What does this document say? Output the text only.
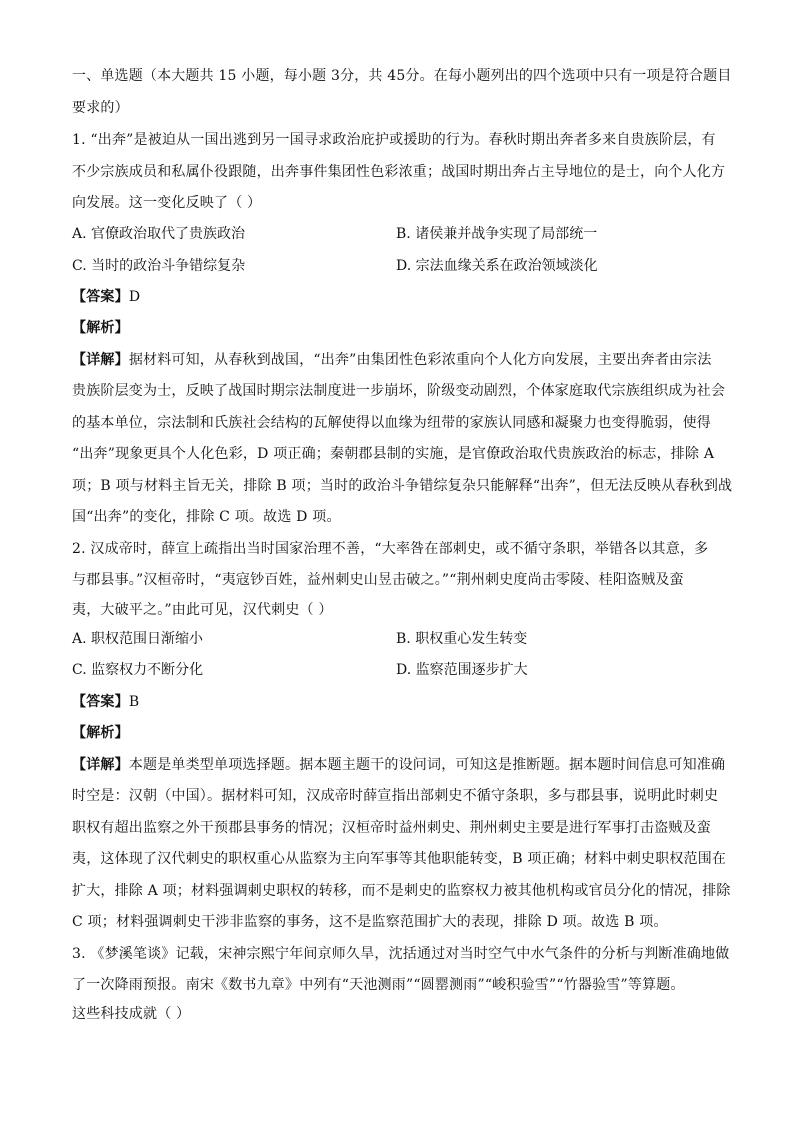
一、单选题（本大题共 15 小题，每小题 3分，共 45分。在每小题列出的四个选项中只有一项是符合题目
要求的）
1. “出奔”是被迫从一国出逃到另一国寻求政治庇护或援助的行为。春秋时期出奔者多来自贵族阶层，有
不少宗族成员和私属仆役跟随，出奔事件集团性色彩浓重；战国时期出奔占主导地位的是士，向个人化方
向发展。这一变化反映了（ ）
A. 官僚政治取代了贵族政治	B. 诸侯兼并战争实现了局部统一
C. 当时的政治斗争错综复杂	D. 宗法血缘关系在政治领域淡化
【答案】D
【解析】
【详解】据材料可知，从春秋到战国，“出奔”由集团性色彩浓重向个人化方向发展，主要出奔者由宗法
贵族阶层变为士，反映了战国时期宗法制度进一步崩坏，阶级变动剧烈，个体家庭取代宗族组织成为社会
的基本单位，宗法制和氏族社会结构的瓦解使得以血缘为纽带的家族认同感和凝聚力也变得脆弱，使得
“出奔”现象更具个人化色彩，D 项正确；秦朝郡县制的实施，是官僚政治取代贵族政治的标志，排除 A
项；B 项与材料主旨无关，排除 B 项；当时的政治斗争错综复杂只能解释“出奔”，但无法反映从春秋到战
国“出奔”的变化，排除 C 项。故选 D 项。
2. 汉成帝时，薛宣上疏指出当时国家治理不善，“大率咎在部刺史，或不循守条职，举错各以其意，多
与郡县事。”汉桓帝时，“夷寇钞百姓，益州刺史山昱击破之。”“荆州刺史度尚击零陵、桂阳盗贼及蛮
夷，大破平之。”由此可见，汉代刺史（ ）
A. 职权范围日渐缩小	B. 职权重心发生转变
C. 监察权力不断分化	D. 监察范围逐步扩大
【答案】B
【解析】
【详解】本题是单类型单项选择题。据本题主题干的设问词，可知这是推断题。据本题时间信息可知准确
时空是：汉朝（中国）。据材料可知，汉成帝时薛宣指出部刺史不循守条职，多与郡县事，说明此时刺史
职权有超出监察之外干预郡县事务的情况；汉桓帝时益州刺史、荆州刺史主要是进行军事打击盗贼及蛮
夷，这体现了汉代刺史的职权重心从监察为主向军事等其他职能转变，B 项正确；材料中刺史职权范围在
扩大，排除 A 项；材料强调刺史职权的转移，而不是刺史的监察权力被其他机构或官员分化的情况，排除
C 项；材料强调刺史干涉非监察的事务，这不是监察范围扩大的表现，排除 D 项。故选 B 项。
3. 《梦溪笔谈》记载，宋神宗熙宁年间京师久旱，沈括通过对当时空气中水气条件的分析与判断准确地做
了一次降雨预报。南宋《数书九章》中列有“天池测雨”“圆罂测雨”“峻积验雪”“竹器验雪”等算题。
这些科技成就（ ）
